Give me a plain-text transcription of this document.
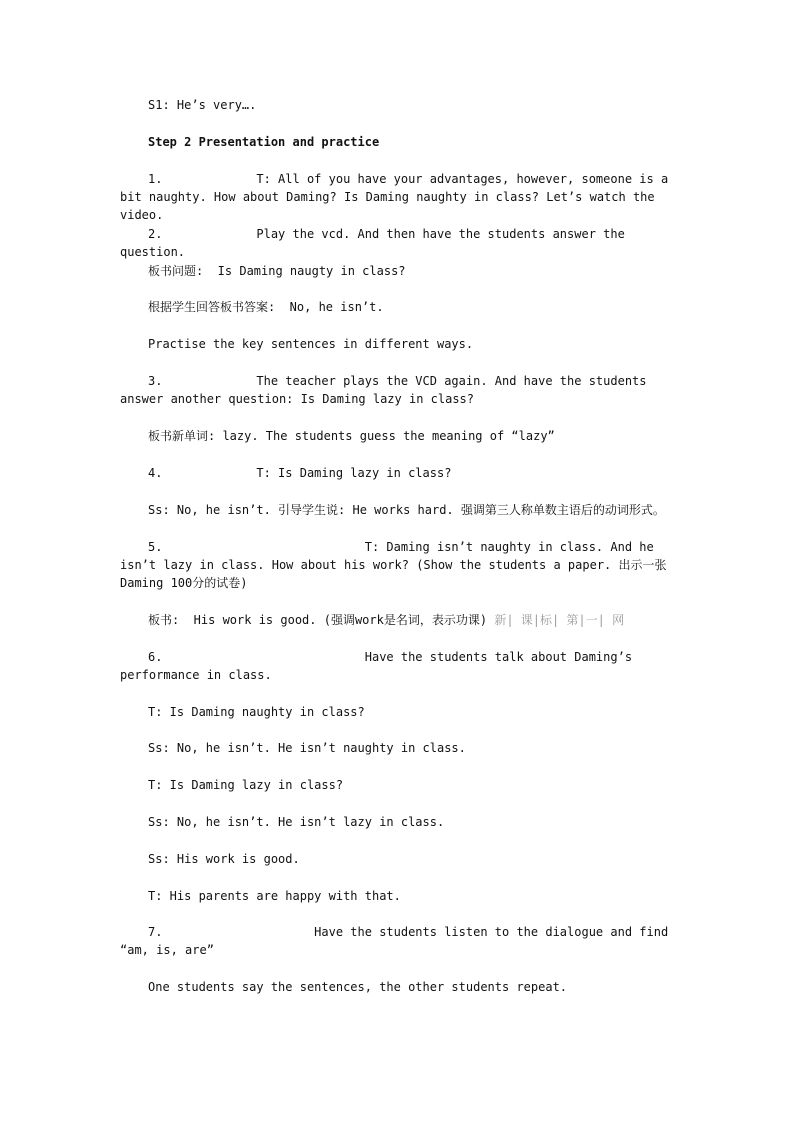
S1: He’s very….

Step 2 Presentation and practice

1.             T: All of you have your advantages, however, someone is a bit naughty. How about Daming? Is Daming naughty in class? Let’s watch the video.

2.             Play the vcd. And then have the students answer the question.

板书问题:  Is Daming naugty in class?

根据学生回答板书答案:  No, he isn’t.

Practise the key sentences in different ways.

3.             The teacher plays the VCD again. And have the students answer another question: Is Daming lazy in class?

板书新单词: lazy. The students guess the meaning of “lazy”

4.             T: Is Daming lazy in class?

Ss: No, he isn’t. 引导学生说: He works hard. 强调第三人称单数主语后的动词形式。

5.                            T: Daming isn’t naughty in class. And he isn’t lazy in class. How about his work? (Show the students a paper. 出示一张Daming 100分的试卷)

板书:  His work is good. (强调work是名词，表示功课) 新| 课|标| 第|一| 网

6.                            Have the students talk about Daming’s performance in class.

T: Is Daming naughty in class?

Ss: No, he isn’t. He isn’t naughty in class.

T: Is Daming lazy in class?

Ss: No, he isn’t. He isn’t lazy in class.

Ss: His work is good.

T: His parents are happy with that.

7.                     Have the students listen to the dialogue and find “am, is, are”

One students say the sentences, the other students repeat.
